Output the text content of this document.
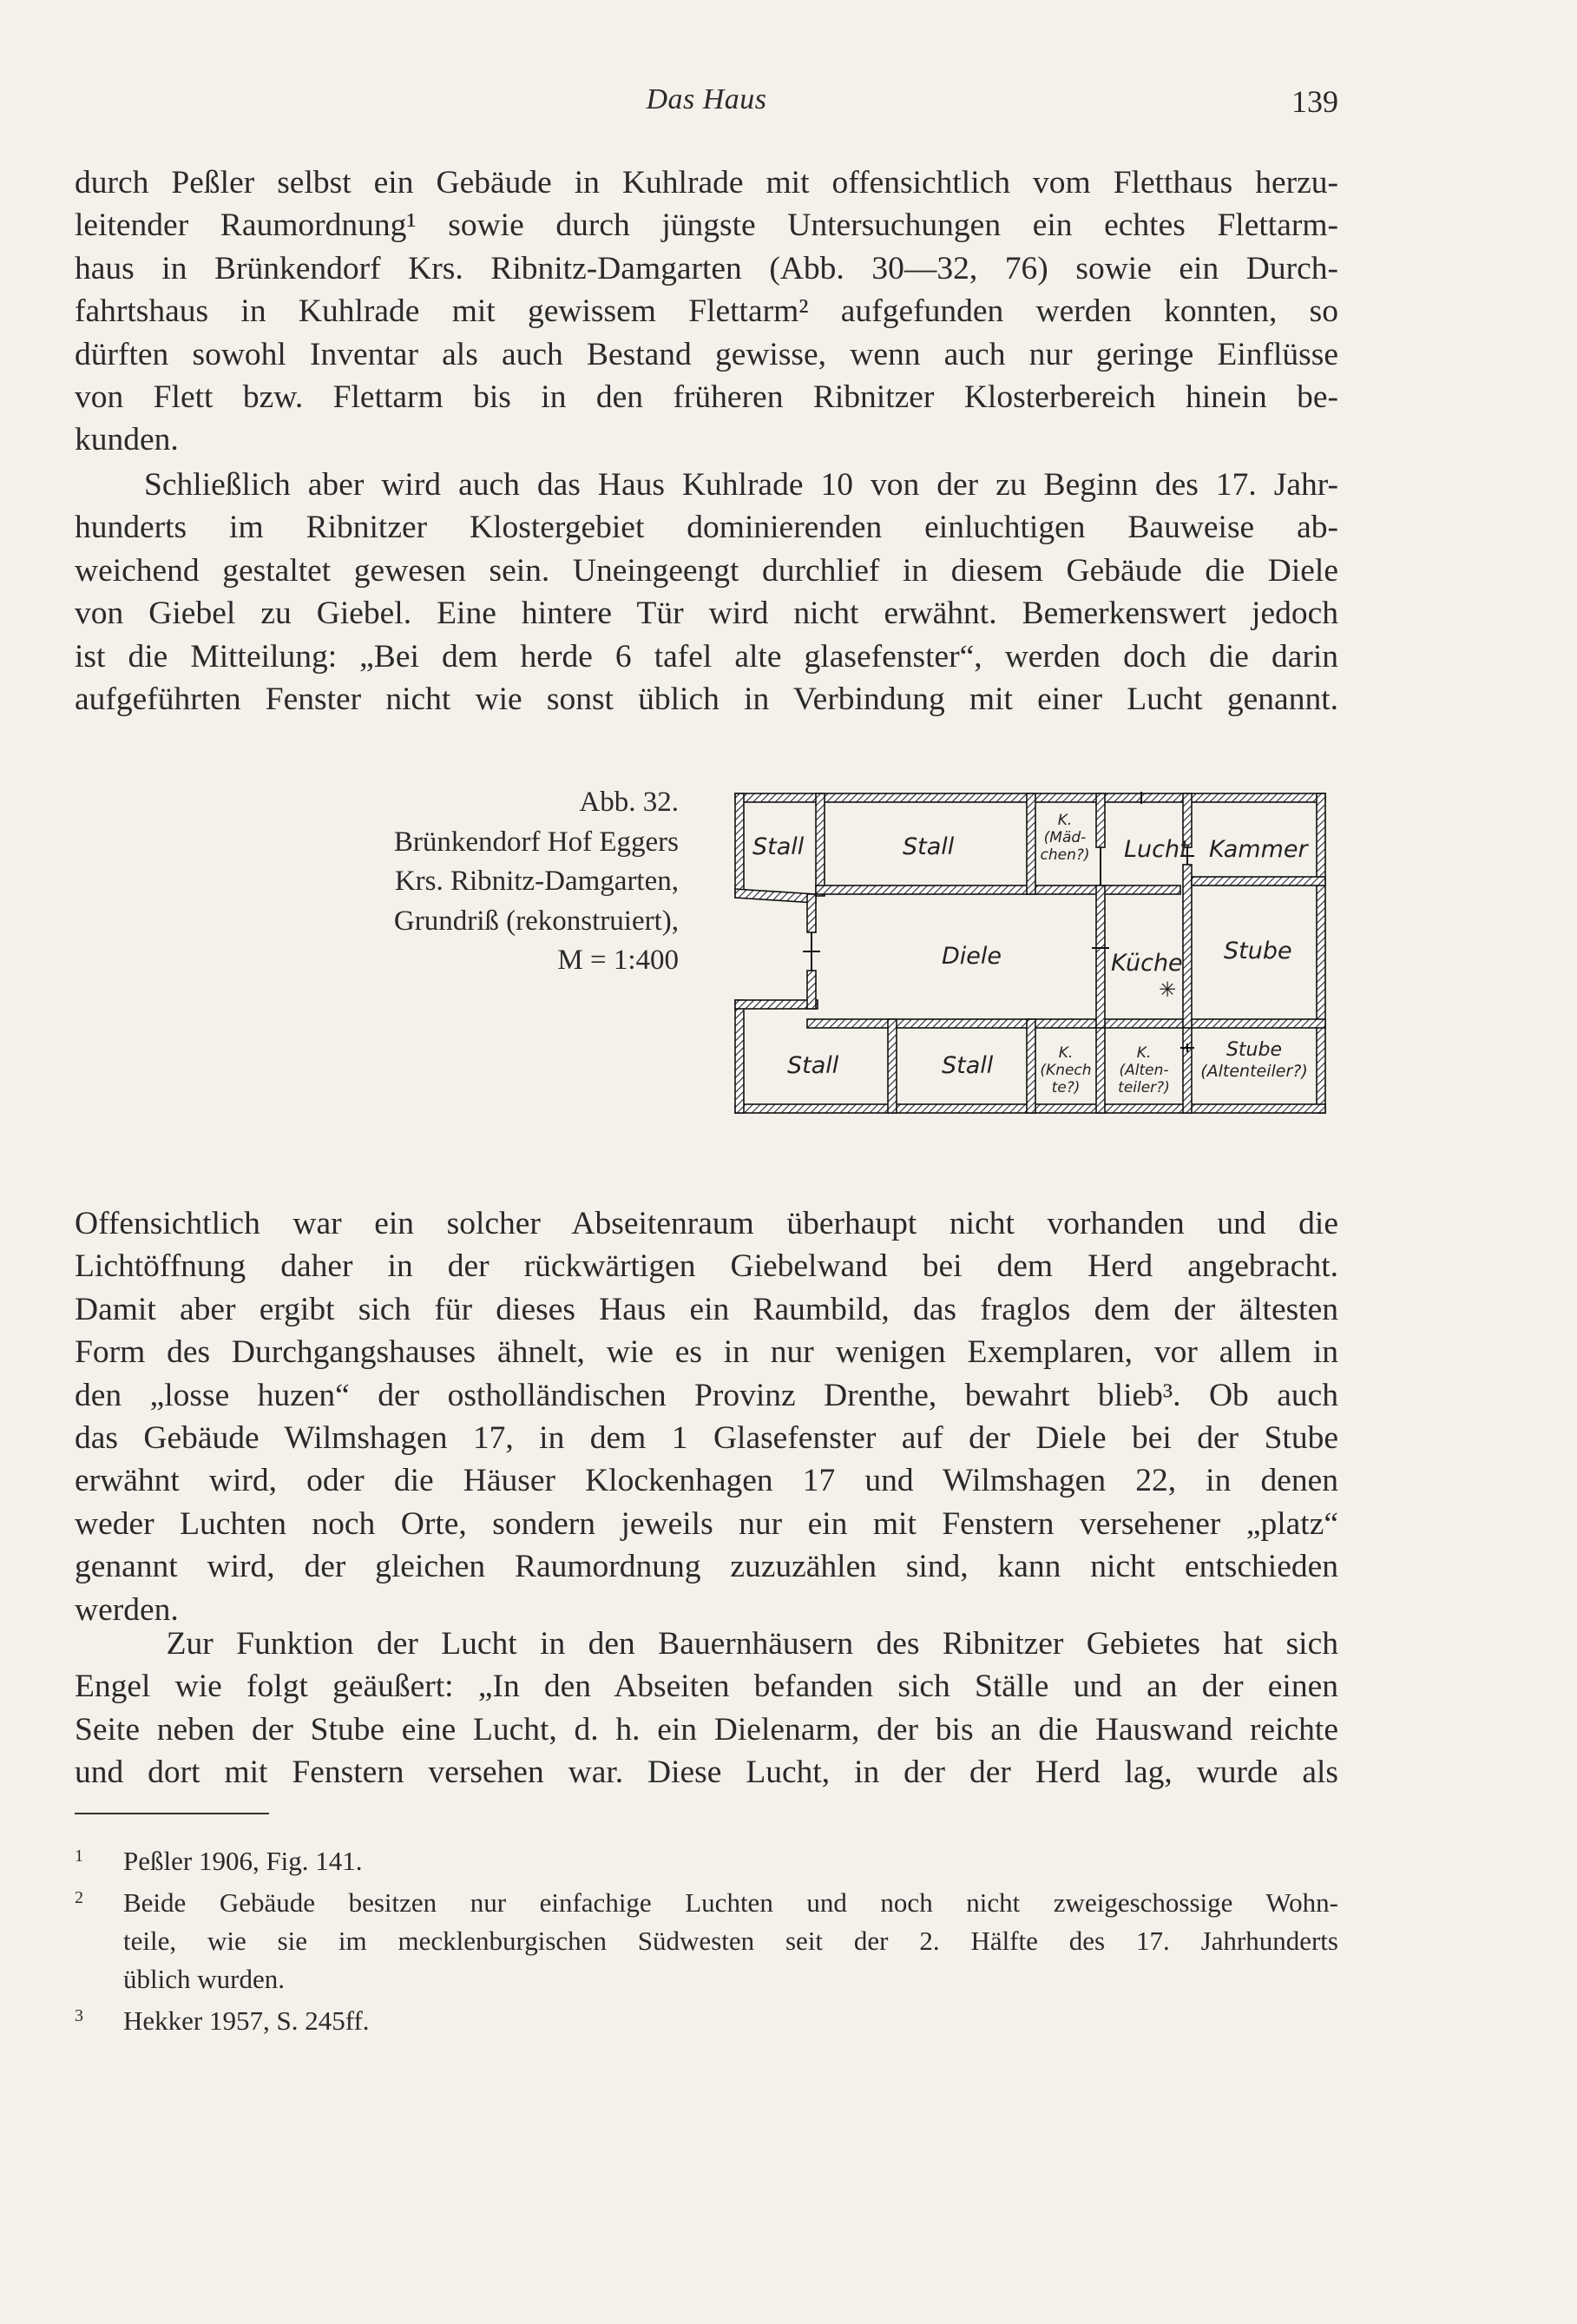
Das Haus	139
durch Peßler selbst ein Gebäude in Kuhlrade mit offensichtlich vom Fletthaus herzu-
leitender Raumordnung¹ sowie durch jüngste Untersuchungen ein echtes Flettarm-
haus in Brünkendorf Krs. Ribnitz-Damgarten (Abb. 30—32, 76) sowie ein Durch-
fahrtshaus in Kuhlrade mit gewissem Flettarm² aufgefunden werden konnten, so
dürften sowohl Inventar als auch Bestand gewisse, wenn auch nur geringe Einflüsse
von Flett bzw. Flettarm bis in den früheren Ribnitzer Klosterbereich hinein be-
kunden.
Schließlich aber wird auch das Haus Kuhlrade 10 von der zu Beginn des 17. Jahr-
hunderts im Ribnitzer Klostergebiet dominierenden einluchtigen Bauweise ab-
weichend gestaltet gewesen sein. Uneingeengt durchlief in diesem Gebäude die Diele
von Giebel zu Giebel. Eine hintere Tür wird nicht erwähnt. Bemerkenswert jedoch
ist die Mitteilung: „Bei dem herde 6 tafel alte glasefenster“, werden doch die darin
aufgeführten Fenster nicht wie sonst üblich in Verbindung mit einer Lucht genannt.
Abb. 32.
Brünkendorf Hof Eggers
Krs. Ribnitz-Damgarten,
Grundriß (rekonstruiert),
M = 1:400
Stall	Stall	Lucht Kammer
Diele	Küche Stube
Stall	Stall
✳
K.
(Mäd-
chen?)
K.
(Knech
te?)
K.
(Alten-
teiler?)
Stube
(Altenteiler?)
Offensichtlich war ein solcher Abseitenraum überhaupt nicht vorhanden und die
Lichtöffnung daher in der rückwärtigen Giebelwand bei dem Herd angebracht.
Damit aber ergibt sich für dieses Haus ein Raumbild, das fraglos dem der ältesten
Form des Durchgangshauses ähnelt, wie es in nur wenigen Exemplaren, vor allem in
den „losse huzen“ der ostholländischen Provinz Drenthe, bewahrt blieb³. Ob auch
das Gebäude Wilmshagen 17, in dem 1 Glasefenster auf der Diele bei der Stube
erwähnt wird, oder die Häuser Klockenhagen 17 und Wilmshagen 22, in denen
weder Luchten noch Orte, sondern jeweils nur ein mit Fenstern versehener „platz“
genannt wird, der gleichen Raumordnung zuzuzählen sind, kann nicht entschieden
werden.
Zur Funktion der Lucht in den Bauernhäusern des Ribnitzer Gebietes hat sich
Engel wie folgt geäußert: „In den Abseiten befanden sich Ställe und an der einen
Seite neben der Stube eine Lucht, d. h. ein Dielenarm, der bis an die Hauswand reichte
und dort mit Fenstern versehen war. Diese Lucht, in der der Herd lag, wurde als
1 Peßler 1906, Fig. 141.
2 Beide Gebäude besitzen nur einfachige Luchten und noch nicht zweigeschossige Wohn-
teile, wie sie im mecklenburgischen Südwesten seit der 2. Hälfte des 17. Jahrhunderts
üblich wurden.
3 Hekker 1957, S. 245ff.
